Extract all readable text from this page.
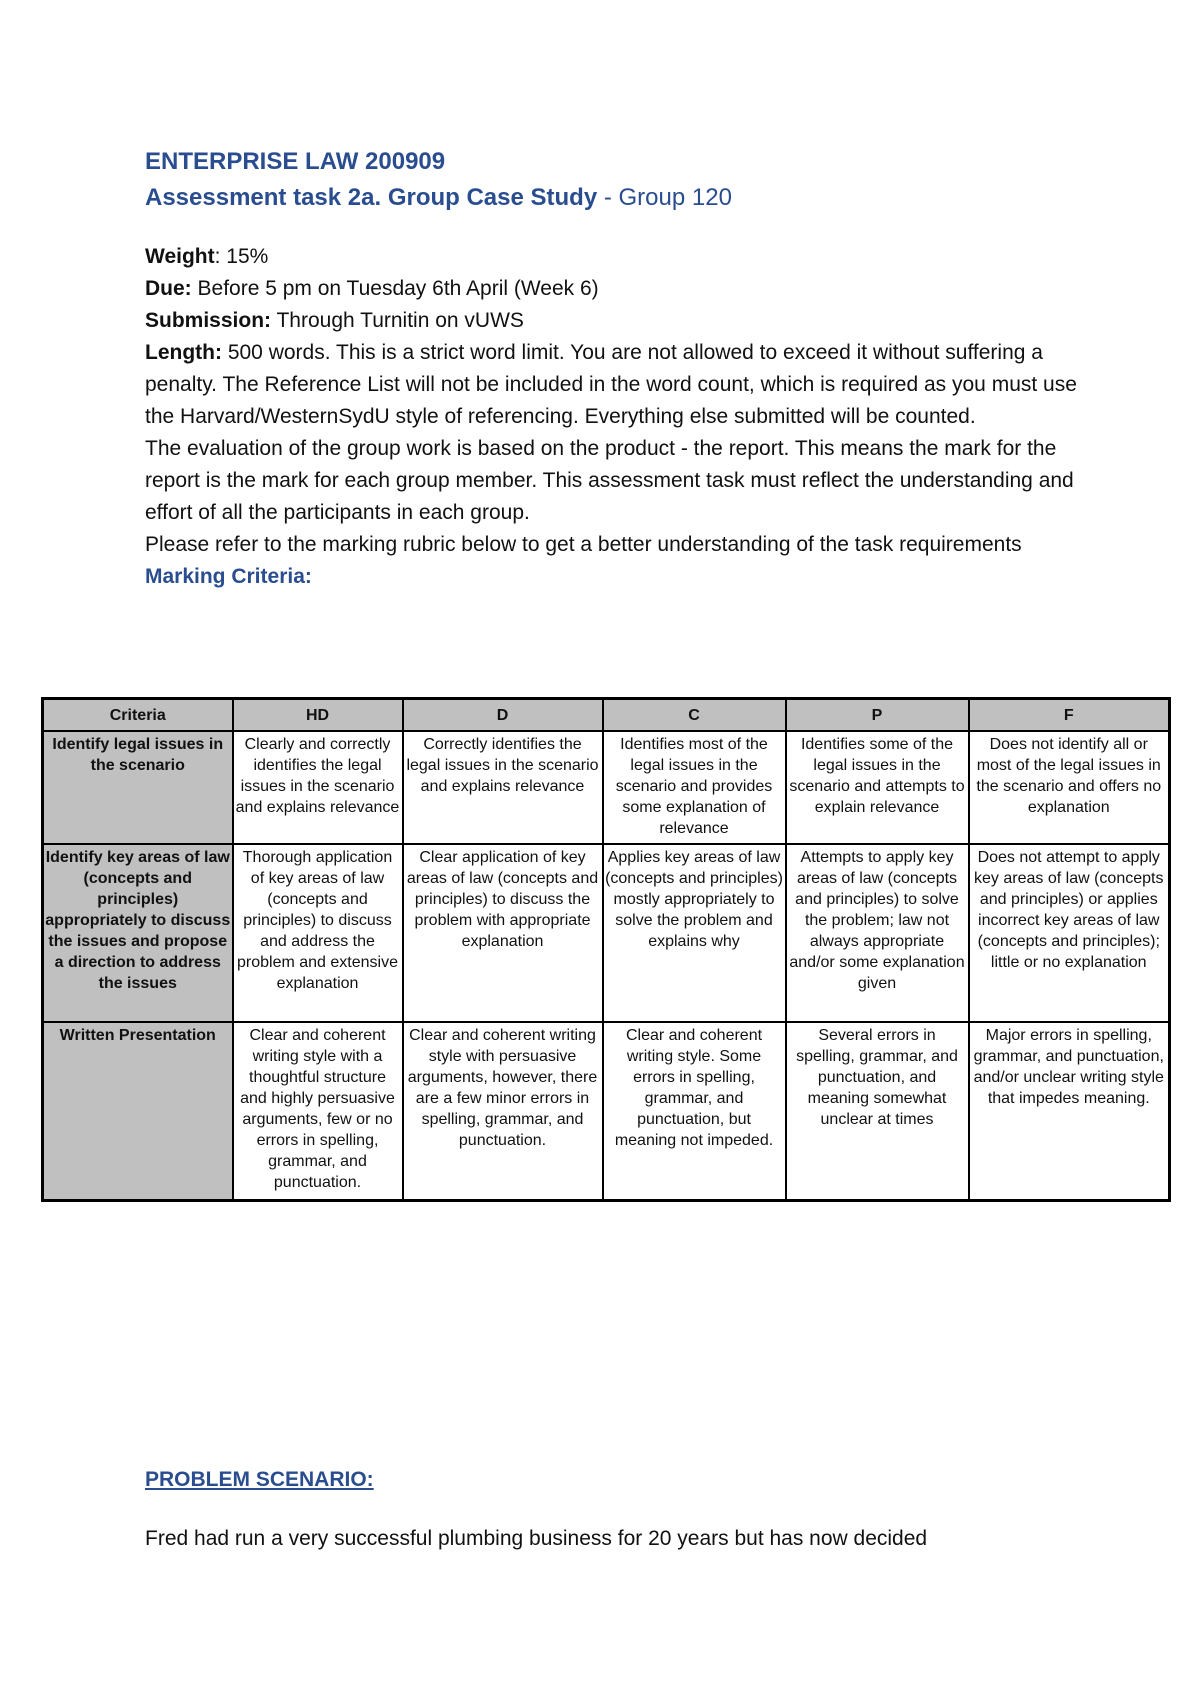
ENTERPRISE LAW 200909

Assessment task 2a. Group Case Study - Group 120

Weight: 15%

Due: Before 5 pm on Tuesday 6th April (Week 6)

Submission: Through Turnitin on vUWS

Length: 500 words. This is a strict word limit. You are not allowed to exceed it without suffering a penalty. The Reference List will not be included in the word count, which is required as you must use the Harvard/WesternSydU style of referencing. Everything else submitted will be counted.

The evaluation of the group work is based on the product - the report. This means the mark for the report is the mark for each group member. This assessment task must reflect the understanding and effort of all the participants in each group.

Please refer to the marking rubric below to get a better understanding of the task requirements

Marking Criteria:

Criteria	HD	D	C	P	F
Identify legal issues in the scenario	Clearly and correctly identifies the legal issues in the scenario and explains relevance	Correctly identifies the legal issues in the scenario and explains relevance	Identifies most of the legal issues in the scenario and provides some explanation of relevance	Identifies some of the legal issues in the scenario and attempts to explain relevance	Does not identify all or most of the legal issues in the scenario and offers no explanation
Identify key areas of law (concepts and principles) appropriately to discuss the issues and propose a direction to address the issues	Thorough application of key areas of law (concepts and principles) to discuss and address the problem and extensive explanation	Clear application of key areas of law (concepts and principles) to discuss the problem with appropriate explanation	Applies key areas of law (concepts and principles) mostly appropriately to solve the problem and explains why	Attempts to apply key areas of law (concepts and principles) to solve the problem; law not always appropriate and/or some explanation given	Does not attempt to apply key areas of law (concepts and principles) or applies incorrect key areas of law (concepts and principles); little or no explanation
Written Presentation	Clear and coherent writing style with a thoughtful structure and highly persuasive arguments, few or no errors in spelling, grammar, and punctuation.	Clear and coherent writing style with persuasive arguments, however, there are a few minor errors in spelling, grammar, and punctuation.	Clear and coherent writing style. Some errors in spelling, grammar, and punctuation, but meaning not impeded.	Several errors in spelling, grammar, and punctuation, and meaning somewhat unclear at times	Major errors in spelling, grammar, and punctuation, and/or unclear writing style that impedes meaning.

PROBLEM SCENARIO:

Fred had run a very successful plumbing business for 20 years but has now decided
